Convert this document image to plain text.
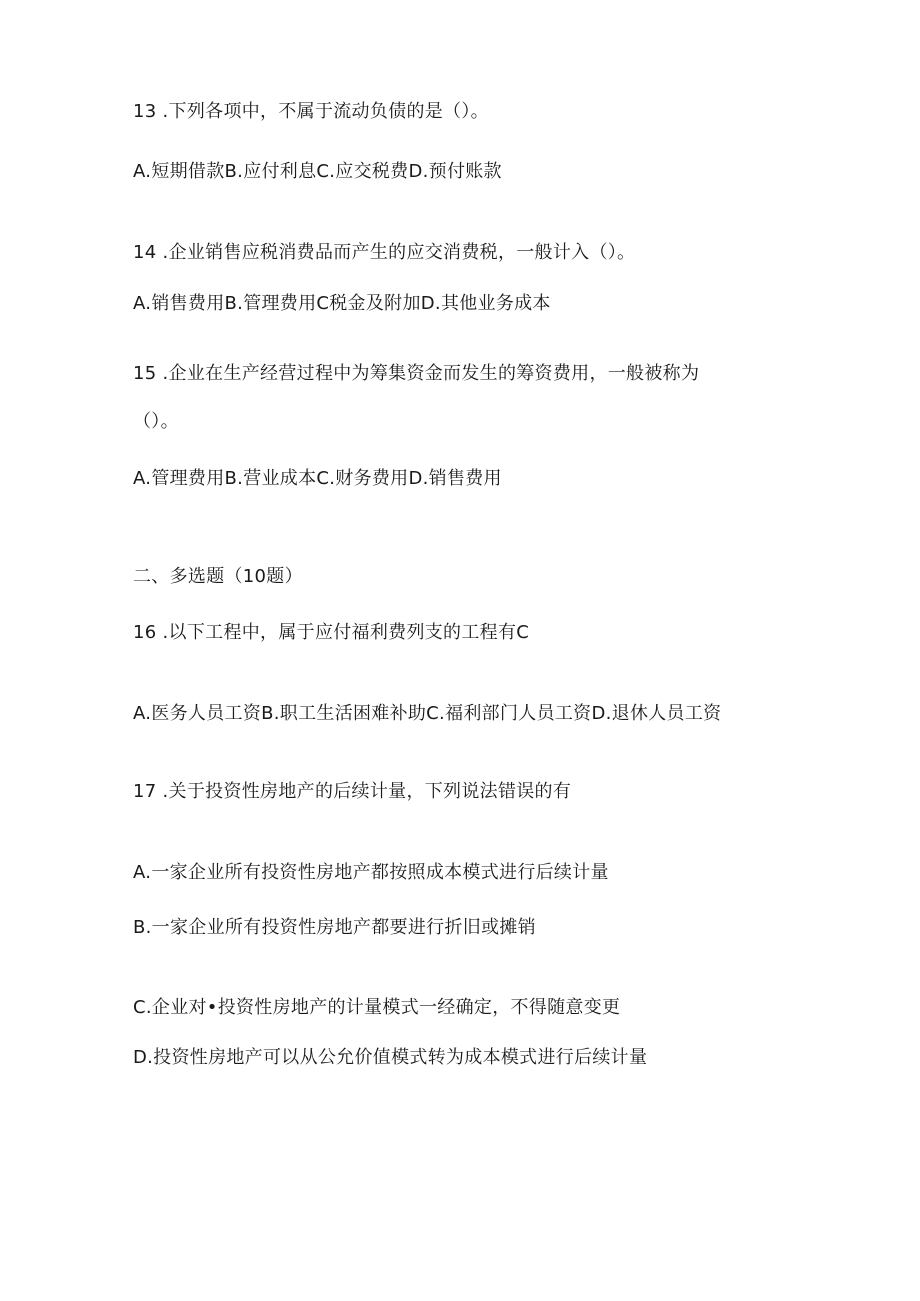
13 .下列各项中，不属于流动负债的是（）。
A.短期借款B.应付利息C.应交税费D.预付账款
14 .企业销售应税消费品而产生的应交消费税，一般计入（）。
A.销售费用B.管理费用C税金及附加D.其他业务成本
15 .企业在生产经营过程中为筹集资金而发生的筹资费用，一般被称为
（）。
A.管理费用B.营业成本C.财务费用D.销售费用
二、多选题（10题）
16 .以下工程中，属于应付福利费列支的工程有C
A.医务人员工资B.职工生活困难补助C.福利部门人员工资D.退休人员工资
17 .关于投资性房地产的后续计量，下列说法错误的有
A.一家企业所有投资性房地产都按照成本模式进行后续计量
B.一家企业所有投资性房地产都要进行折旧或摊销
C.企业对•投资性房地产的计量模式一经确定，不得随意变更
D.投资性房地产可以从公允价值模式转为成本模式进行后续计量
